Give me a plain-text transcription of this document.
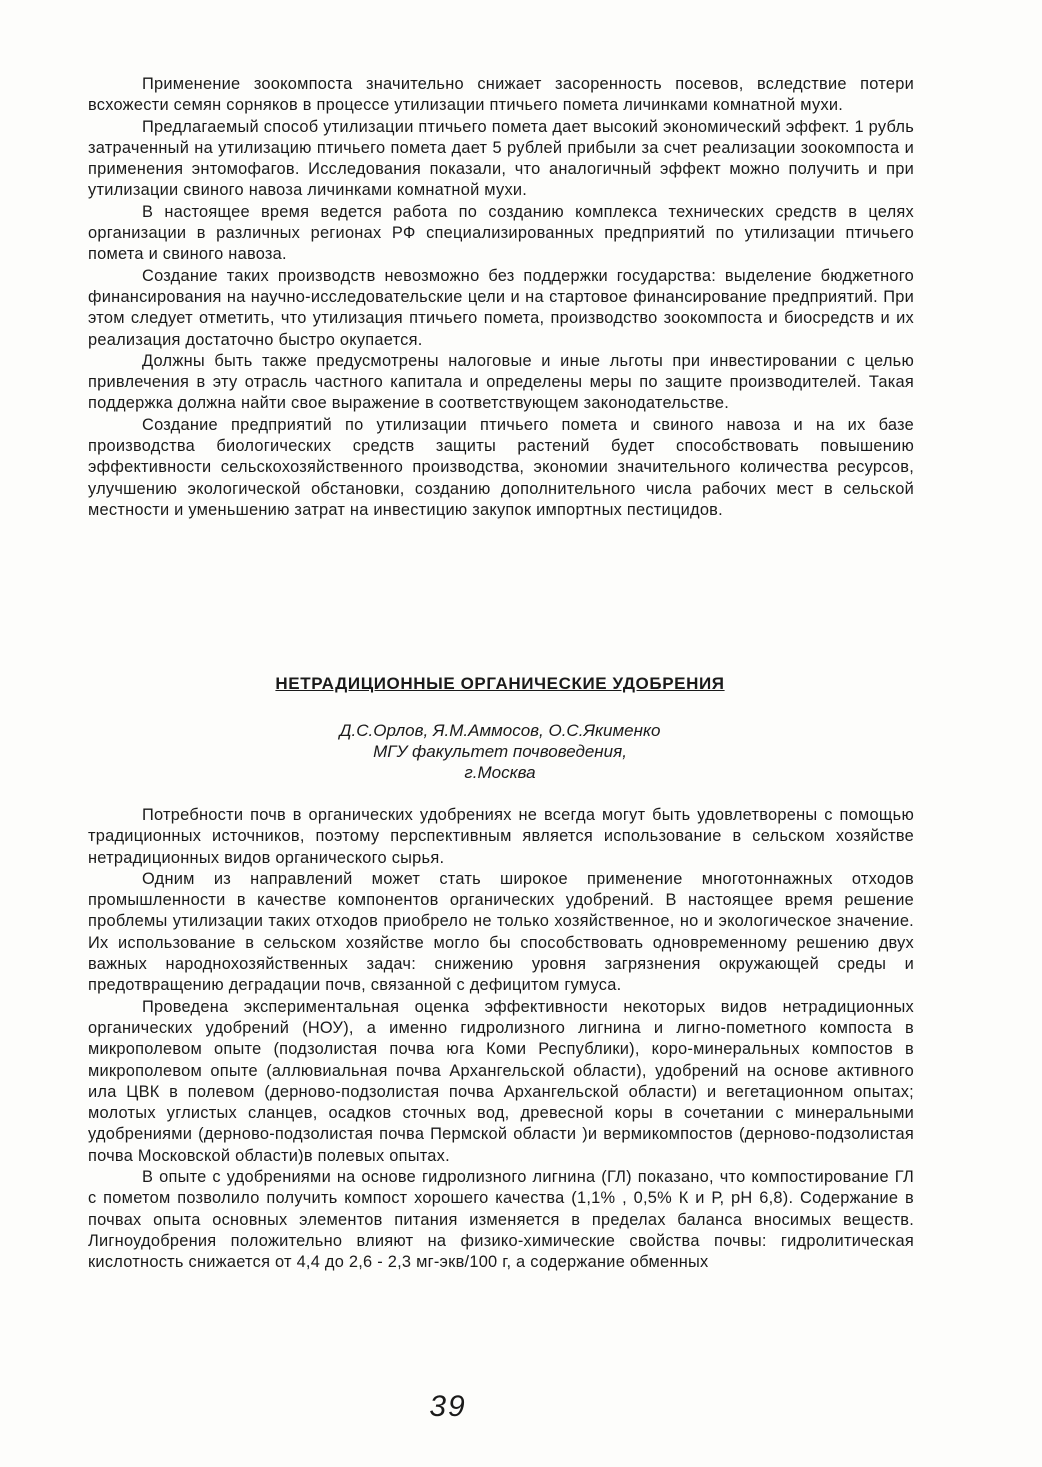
Применение зоокомпоста значительно снижает засоренность посевов, вследствие потери всхожести семян сорняков в процессе утилизации птичьего помета личинками комнатной мухи.

Предлагаемый способ утилизации птичьего помета дает высокий экономический эффект. 1 рубль затраченный на утилизацию птичьего помета дает 5 рублей прибыли за счет реализации зоокомпоста и применения энтомофагов. Исследования показали, что аналогичный эффект можно получить и при утилизации свиного навоза личинками комнатной мухи.

В настоящее время ведется работа по созданию комплекса технических средств в целях организации в различных регионах РФ специализированных предприятий по утилизации птичьего помета и свиного навоза.

Создание таких производств невозможно без поддержки государства: выделение бюджетного финансирования на научно-исследовательские цели и на стартовое финансирование предприятий. При этом следует отметить, что утилизация птичьего помета, производство зоокомпоста и биосредств и их реализация достаточно быстро окупается.

Должны быть также предусмотрены налоговые и иные льготы при инвестировании с целью привлечения в эту отрасль частного капитала и определены меры по защите производителей. Такая поддержка должна найти свое выражение в соответствующем законодательстве.

Создание предприятий по утилизации птичьего помета и свиного навоза и на их базе производства биологических средств защиты растений будет способствовать повышению эффективности сельскохозяйственного производства, экономии значительного количества ресурсов, улучшению экологической обстановки, созданию дополнительного числа рабочих мест в сельской местности и уменьшению затрат на инвестицию закупок импортных пестицидов.

НЕТРАДИЦИОННЫЕ ОРГАНИЧЕСКИЕ УДОБРЕНИЯ
Д.С.Орлов, Я.М.Аммосов, О.С.Якименко
МГУ факультет почвоведения,
г.Москва

Потребности почв в органических удобрениях не всегда могут быть удовлетворены с помощью традиционных источников, поэтому перспективным является использование в сельском хозяйстве нетрадиционных видов органического сырья.

Одним из направлений может стать широкое применение многотоннажных отходов промышленности в качестве компонентов органических удобрений. В настоящее время решение проблемы утилизации таких отходов приобрело не только хозяйственное, но и экологическое значение. Их использование в сельском хозяйстве могло бы способствовать одновременному решению двух важных народнохозяйственных задач: снижению уровня загрязнения окружающей среды и предотвращению деградации почв, связанной с дефицитом гумуса.

Проведена экспериментальная оценка эффективности некоторых видов нетрадиционных органических удобрений (НОУ), а именно гидролизного лигнина и лигно-пометного компоста в микрополевом опыте (подзолистая почва юга Коми Республики), коро-минеральных компостов в микрополевом опыте (аллювиальная почва Архангельской области), удобрений на основе активного ила ЦВК в полевом (дерново-подзолистая почва Архангельской области) и вегетационном опытах; молотых углистых сланцев, осадков сточных вод, древесной коры в сочетании с минеральными удобрениями (дерново-подзолистая почва Пермской области )и вермикомпостов (дерново-подзолистая почва Московской области)в полевых опытах.

В опыте с удобрениями на основе гидролизного лигнина (ГЛ) показано, что компостирование ГЛ с пометом позволило получить компост хорошего качества (1,1% , 0,5% К и Р, рН 6,8). Содержание в почвах опыта основных элементов питания изменяется в пределах баланса вносимых веществ. Лигноудобрения положительно влияют на физико-химические свойства почвы: гидролитическая кислотность снижается от 4,4 до 2,6 - 2,3 мг-экв/100 г, а содержание обменных

39
